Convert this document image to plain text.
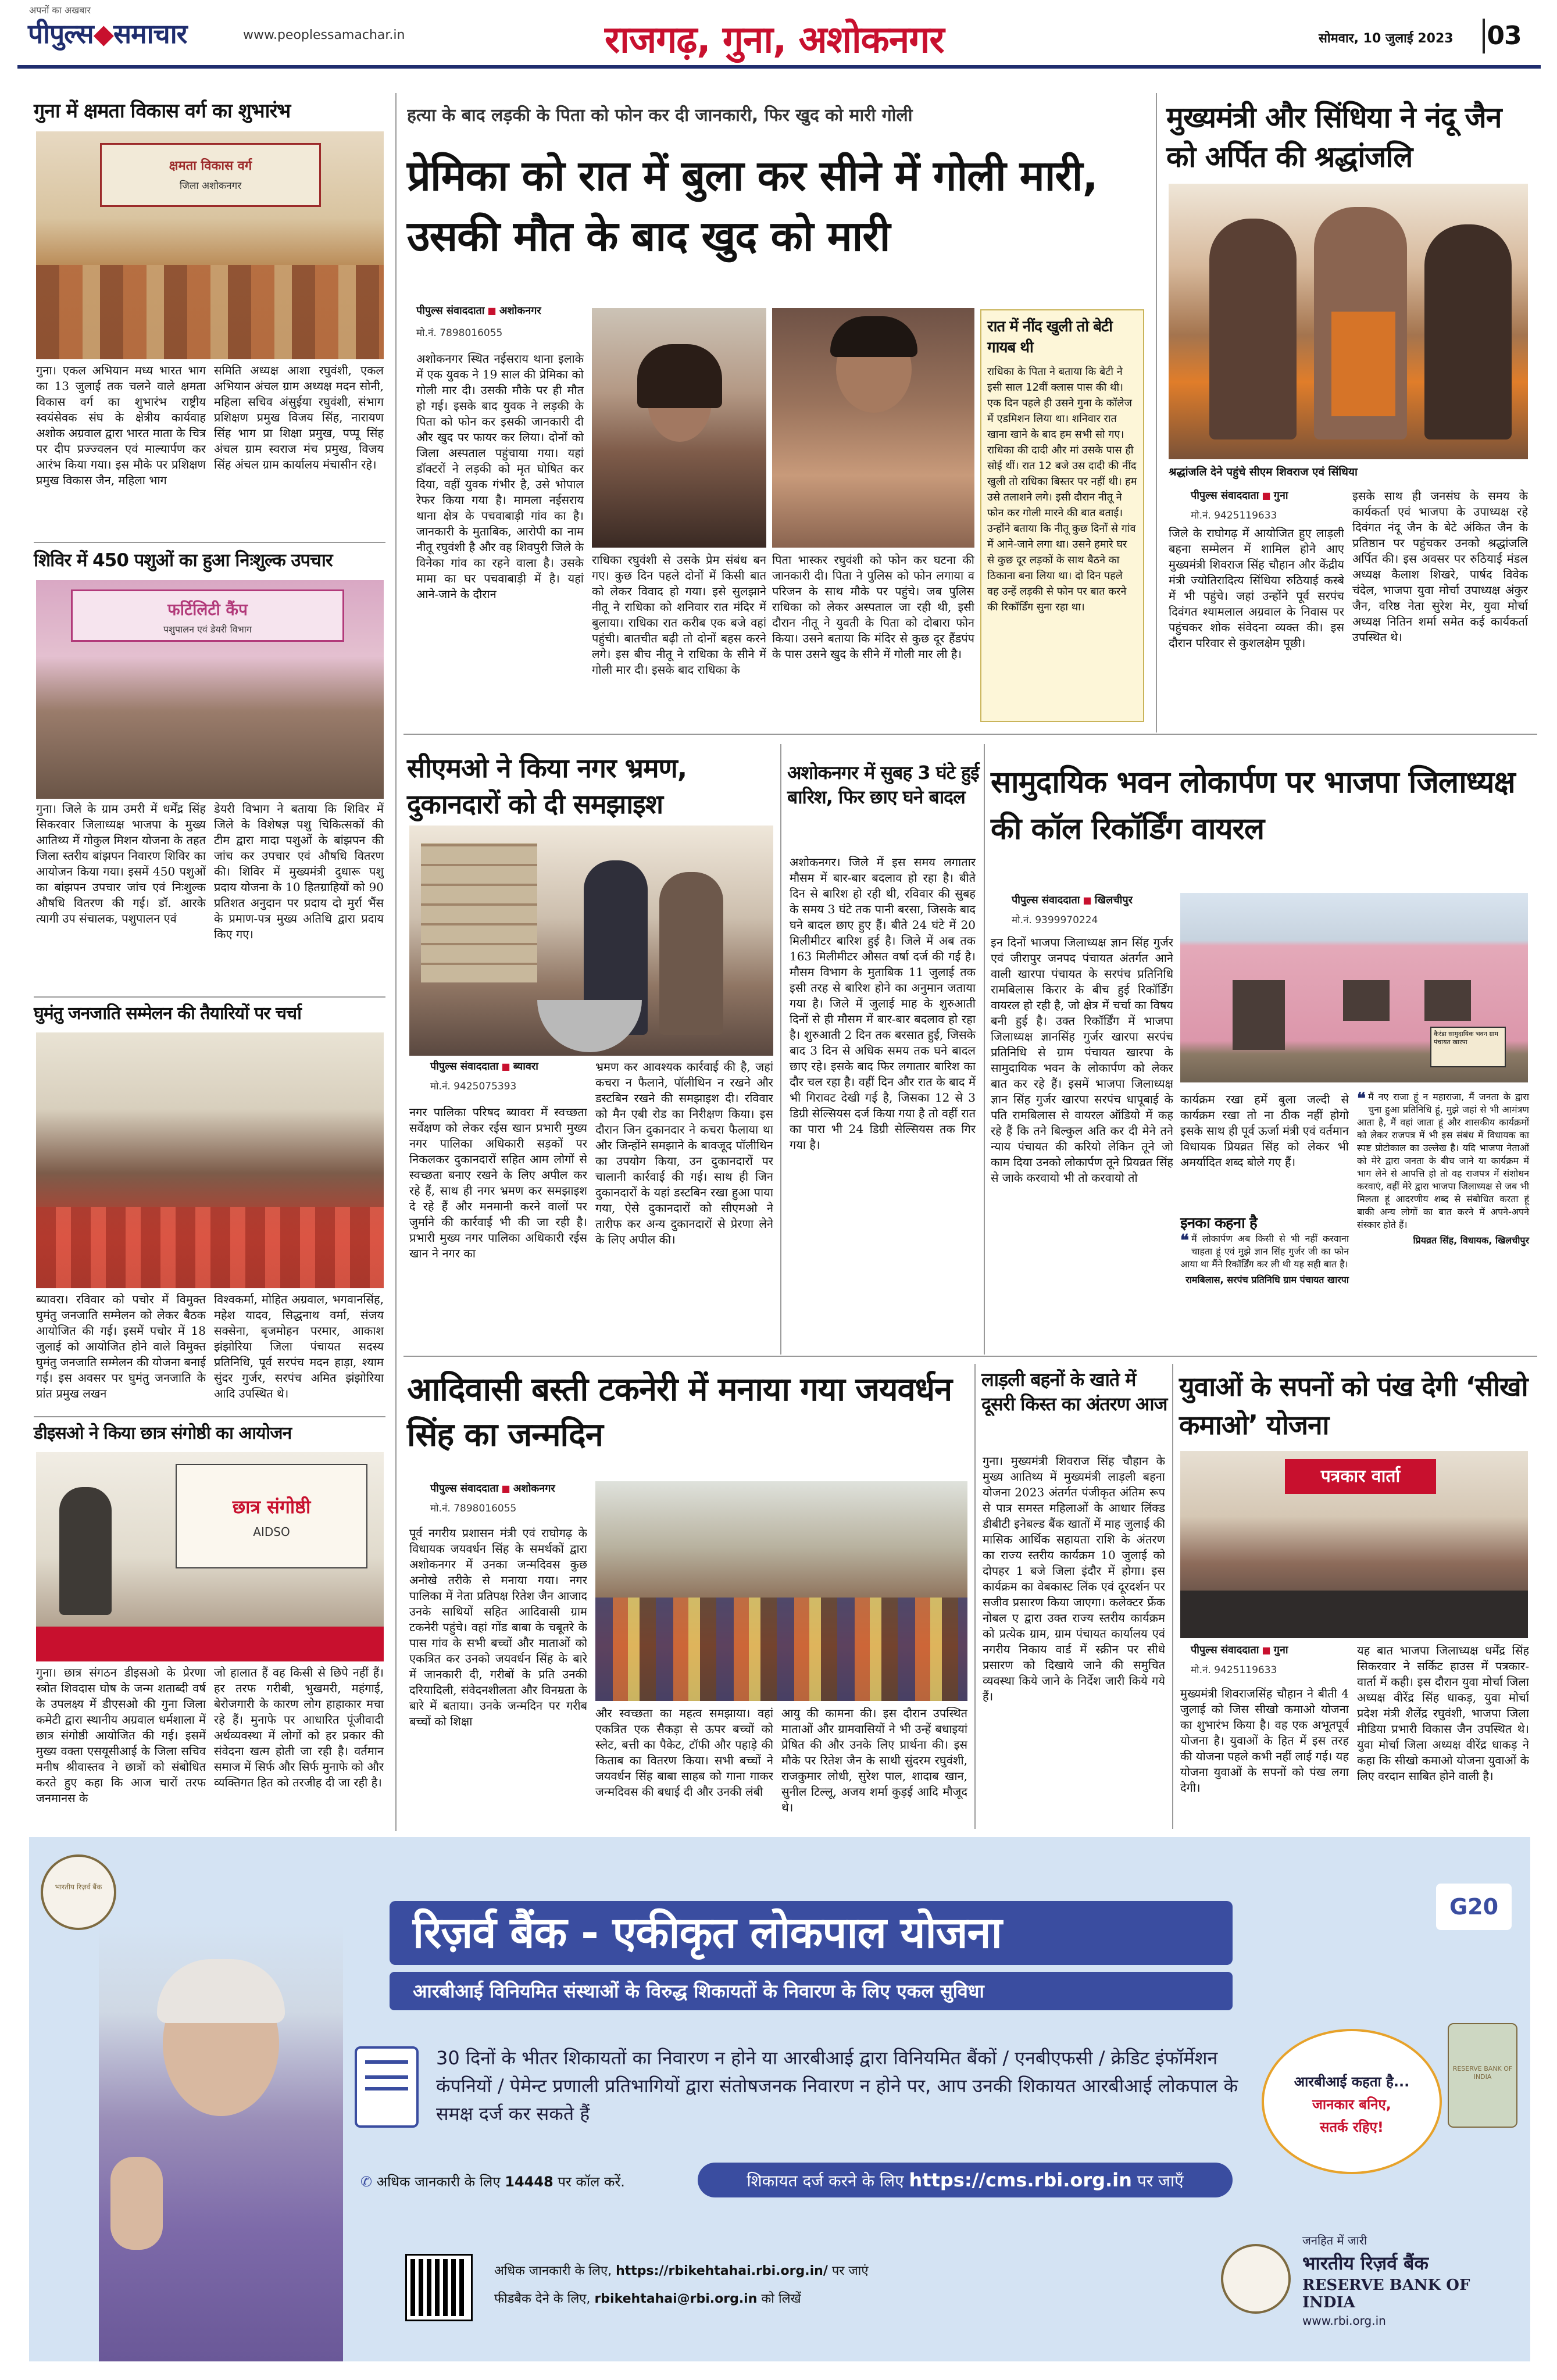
अपनों का अखबार
पीपुल्स◆समाचार	www.peoplessamachar.in	राजगढ़, गुना, अशोकनगर	सोमवार, 10 जुलाई 2023 03
गुना में क्षमता विकास वर्ग का शुभारंभ
क्षमता विकास वर्ग
जिला अशोकनगर
गुना। एकल अभियान मध्य भारत भाग का 13 जुलाई तक चलने वाले क्षमता विकास वर्ग का शुभारंभ राष्ट्रीय स्वयंसेवक संघ के क्षेत्रीय कार्यवाह अशोक अग्रवाल द्वारा भारत माता के चित्र पर दीप प्रज्ज्वलन एवं माल्यार्पण कर आरंभ किया गया। इस मौके पर प्रशिक्षण प्रमुख विकास जैन, महिला भाग
समिति अध्यक्ष आशा रघुवंशी, एकल अभियान अंचल ग्राम अध्यक्ष मदन सोनी, महिला सचिव अंसुईया रघुवंशी, संभाग प्रशिक्षण प्रमुख विजय सिंह, नारायण सिंह भाग प्रा शिक्षा प्रमुख, पप्पू सिंह अंचल ग्राम स्वराज मंच प्रमुख, विजय सिंह अंचल ग्राम कार्यालय मंचासीन रहे।
शिविर में 450 पशुओं का हुआ निःशुल्क उपचार
फर्टिलिटी कैंप
पशुपालन एवं डेयरी विभाग
गुना। जिले के ग्राम उमरी में धर्मेंद्र सिंह सिकरवार जिलाध्यक्ष भाजपा के मुख्य आतिथ्य में गोकुल मिशन योजना के तहत जिला स्तरीय बांझपन निवारण शिविर का आयोजन किया गया। इसमें 450 पशुओं का बांझपन उपचार जांच एवं निःशुल्क औषधि वितरण की गई। डॉ. आरके त्यागी उप संचालक, पशुपालन एवं
डेयरी विभाग ने बताया कि शिविर में जिले के विशेषज्ञ पशु चिकित्सकों की टीम द्वारा मादा पशुओं के बांझपन की जांच कर उपचार एवं औषधि वितरण की। शिविर में मुख्यमंत्री दुधारू पशु प्रदाय योजना के 10 हितग्राहियों को 90 प्रतिशत अनुदान पर प्रदाय दो मुर्रा भैंस के प्रमाण-पत्र मुख्य अतिथि द्वारा प्रदाय किए गए।
घुमंतु जनजाति सम्मेलन की तैयारियों पर चर्चा
ब्यावरा। रविवार को पचोर में विमुक्त घुमंतु जनजाति सम्मेलन को लेकर बैठक आयोजित की गई। इसमें पचोर में 18 जुलाई को आयोजित होने वाले विमुक्त घुमंतु जनजाति सम्मेलन की योजना बनाई गई। इस अवसर पर घुमंतु जनजाति के प्रांत प्रमुख लखन
विश्वकर्मा, मोहित अग्रवाल, भगवानसिंह, महेश यादव, सिद्धनाथ वर्मा, संजय सक्सेना, बृजमोहन परमार, आकाश झंझोरिया जिला पंचायत सदस्य प्रतिनिधि, पूर्व सरपंच मदन हाड़ा, श्याम सुंदर गुर्जर, सरपंच अमित झंझोरिया आदि उपस्थित थे।
डीइसओ ने किया छात्र संगोष्ठी का आयोजन
छात्र संगोष्ठी
AIDSO
गुना। छात्र संगठन डीइसओ के प्रेरणा स्त्रोत शिवदास घोष के जन्म शताब्दी वर्ष के उपलक्ष्य में डीएसओ की गुना जिला कमेटी द्वारा स्थानीय अग्रवाल धर्मशाला में छात्र संगोष्ठी आयोजित की गई। इसमें मुख्य वक्ता एसयूसीआई के जिला सचिव मनीष श्रीवास्तव ने छात्रों को संबोधित करते हुए कहा कि आज चारों तरफ जनमानस के
जो हालात हैं वह किसी से छिपे नहीं हैं। हर तरफ गरीबी, भुखमरी, महंगाई, बेरोजगारी के कारण लोग हाहाकार मचा रहे हैं। मुनाफे पर आधारित पूंजीवादी अर्थव्यवस्था में लोगों को हर प्रकार की संवेदना खत्म होती जा रही है। वर्तमान समाज में सिर्फ और सिर्फ मुनाफे को और व्यक्तिगत हित को तरजीह दी जा रही है।
हत्या के बाद लड़की के पिता को फोन कर दी जानकारी, फिर खुद को मारी गोली
प्रेमिका को रात में बुला कर सीने में गोली मारी, उसकी मौत के बाद खुद को मारी
पीपुल्स संवाददाता ■ अशोकनगर
मो.नं. 7898016055
अशोकनगर स्थित नईसराय थाना इलाके में एक युवक ने 19 साल की प्रेमिका को गोली मार दी। उसकी मौके पर ही मौत हो गई। इसके बाद युवक ने लड़की के पिता को फोन कर इसकी जानकारी दी और खुद पर फायर कर लिया। दोनों को जिला अस्पताल पहुंचाया गया। यहां डॉक्टरों ने लड़की को मृत घोषित कर दिया, वहीं युवक गंभीर है, उसे भोपाल रेफर किया गया है। मामला नईसराय थाना क्षेत्र के पचवाबाड़ी गांव का है। जानकारी के मुताबिक, आरोपी का नाम नीतू रघुवंशी है और वह शिवपुरी जिले के विनेका गांव का रहने वाला है। उसके मामा का घर पचवाबाड़ी में है। यहां आने-जाने के दौरान
राधिका रघुवंशी से उसके प्रेम संबंध बन गए। कुछ दिन पहले दोनों में किसी बात को लेकर विवाद हो गया। इसे सुलझाने नीतू ने राधिका को शनिवार रात मंदिर में बुलाया। राधिका रात करीब एक बजे वहां पहुंची। बातचीत बढ़ी तो दोनों बहस करने लगे। इस बीच नीतू ने राधिका के सीने में गोली मार दी। इसके बाद राधिका के
पिता भास्कर रघुवंशी को फोन कर घटना की जानकारी दी। पिता ने पुलिस को फोन लगाया व परिजन के साथ मौके पर पहुंचे। जब पुलिस राधिका को लेकर अस्पताल जा रही थी, इसी दौरान नीतू ने युवती के पिता को दोबारा फोन किया। उसने बताया कि मंदिर से कुछ दूर हैंडपंप के पास उसने खुद के सीने में गोली मार ली है।
रात में नींद खुली तो बेटी गायब थी
राधिका के पिता ने बताया कि बेटी ने इसी साल 12वीं क्लास पास की थी। एक दिन पहले ही उसने गुना के कॉलेज में एडमिशन लिया था। शनिवार रात खाना खाने के बाद हम सभी सो गए। राधिका की दादी और मां उसके पास ही सोई थीं। रात 12 बजे उस दादी की नींद खुली तो राधिका बिस्तर पर नहीं थी। हम उसे तलाशने लगे। इसी दौरान नीतू ने फोन कर गोली मारने की बात बताई। उन्होंने बताया कि नीतू कुछ दिनों से गांव में आने-जाने लगा था। उसने हमारे घर से कुछ दूर लड़कों के साथ बैठने का ठिकाना बना लिया था। दो दिन पहले वह उन्हें लड़की से फोन पर बात करने की रिकॉर्डिंग सुना रहा था।
मुख्यमंत्री और सिंधिया ने नंदू जैन को अर्पित की श्रद्धांजलि
श्रद्धांजलि देने पहुंचे सीएम शिवराज एवं सिंधिया
पीपुल्स संवाददाता ■ गुना
मो.नं. 9425119633
जिले के राघोगढ़ में आयोजित हुए लाड़ली बहना सम्मेलन में शामिल होने आए मुख्यमंत्री शिवराज सिंह चौहान और केंद्रीय मंत्री ज्योतिरादित्य सिंधिया रुठियाई कस्बे में भी पहुंचे। जहां उन्होंने पूर्व सरपंच दिवंगत श्यामलाल अग्रवाल के निवास पर पहुंचकर शोक संवेदना व्यक्त की। इस दौरान परिवार से कुशलक्षेम पूछी।
इसके साथ ही जनसंघ के समय के कार्यकर्ता एवं भाजपा के उपाध्यक्ष रहे दिवंगत नंदू जैन के बेटे अंकित जैन के प्रतिष्ठान पर पहुंचकर उनको श्रद्धांजलि अर्पित की। इस अवसर पर रुठियाई मंडल अध्यक्ष कैलाश शिखरे, पार्षद विवेक चंदेल, भाजपा युवा मोर्चा उपाध्यक्ष अंकुर जैन, वरिष्ठ नेता सुरेश मेर, युवा मोर्चा अध्यक्ष नितिन शर्मा समेत कई कार्यकर्ता उपस्थित थे।
सीएमओ ने किया नगर भ्रमण, दुकानदारों को दी समझाइश
पीपुल्स संवाददाता ■ ब्यावरा
मो.नं. 9425075393
नगर पालिका परिषद ब्यावरा में स्वच्छता सर्वेक्षण को लेकर रईस खान प्रभारी मुख्य नगर पालिका अधिकारी सड़कों पर निकलकर दुकानदारों सहित आम लोगों से स्वच्छता बनाए रखने के लिए अपील कर रहे हैं, साथ ही नगर भ्रमण कर समझाइश दे रहे हैं और मनमानी करने वालों पर जुर्माने की कार्रवाई भी की जा रही है। प्रभारी मुख्य नगर पालिका अधिकारी रईस खान ने नगर का
भ्रमण कर आवश्यक कार्रवाई की है, जहां कचरा न फैलाने, पॉलीथिन न रखने और डस्टबिन रखने की समझाइश दी। रविवार को मैन एबी रोड का निरीक्षण किया। इस दौरान जिन दुकानदार ने कचरा फैलाया था और जिन्होंने समझाने के बावजूद पॉलीथिन का उपयोग किया, उन दुकानदारों पर चालानी कार्रवाई की गई। साथ ही जिन दुकानदारों के यहां डस्टबिन रखा हुआ पाया गया, ऐसे दुकानदारों को सीएमओ ने तारीफ कर अन्य दुकानदारों से प्रेरणा लेने के लिए अपील की।
अशोकनगर में सुबह 3 घंटे हुई बारिश, फिर छाए घने बादल
अशोकनगर। जिले में इस समय लगातार मौसम में बार-बार बदलाव हो रहा है। बीते दिन से बारिश हो रही थी, रविवार की सुबह के समय 3 घंटे तक पानी बरसा, जिसके बाद घने बादल छाए हुए हैं। बीते 24 घंटे में 20 मिलीमीटर बारिश हुई है। जिले में अब तक 163 मिलीमीटर औसत वर्षा दर्ज की गई है। मौसम विभाग के मुताबिक 11 जुलाई तक इसी तरह से बारिश होने का अनुमान जताया गया है। जिले में जुलाई माह के शुरुआती दिनों से ही मौसम में बार-बार बदलाव हो रहा है। शुरुआती 2 दिन तक बरसात हुई, जिसके बाद 3 दिन से अधिक समय तक घने बादल छाए रहे। इसके बाद फिर लगातार बारिश का दौर चल रहा है। वहीं दिन और रात के बाद में भी गिरावट देखी गई है, जिसका 12 से 3 डिग्री सेल्सियस दर्ज किया गया है तो वहीं रात का पारा भी 24 डिग्री सेल्सियस तक गिर गया है।
सामुदायिक भवन लोकार्पण पर भाजपा जिलाध्यक्ष की कॉल रिकॉर्डिंग वायरल
पीपुल्स संवाददाता ■ खिलचीपुर
मो.नं. 9399970224
इन दिनों भाजपा जिलाध्यक्ष ज्ञान सिंह गुर्जर एवं जीरापुर जनपद पंचायत अंतर्गत आने वाली खारपा पंचायत के सरपंच प्रतिनिधि रामबिलास किरार के बीच हुई रिकॉर्डिंग वायरल हो रही है, जो क्षेत्र में चर्चा का विषय बनी हुई है। उक्त रिकॉर्डिंग में भाजपा जिलाध्यक्ष ज्ञानसिंह गुर्जर खारपा सरपंच प्रतिनिधि से ग्राम पंचायत खारपा के सामुदायिक भवन के लोकार्पण को लेकर बात कर रहे हैं। इसमें भाजपा जिलाध्यक्ष ज्ञान सिंह गुर्जर खारपा सरपंच धापूबाई के पति रामबिलास से वायरल ऑडियो में कह रहे हैं कि तने बिल्कुल अति कर दी मेने तने न्याय पंचायत की करियो लेकिन तूने जो काम दिया उनको लोकार्पण तूने प्रियव्रत सिंह से जाके करवायो भी तो करवायो तो
कैरंडा सामुदायिक भवन ग्राम पंचायत खारपा
कार्यक्रम रखा हमें बुला जल्दी से कार्यक्रम रखा तो ना ठीक नहीं होगो इसके साथ ही पूर्व ऊर्जा मंत्री एवं वर्तमान विधायक प्रियव्रत सिंह को लेकर भी अमर्यादित शब्द बोले गए हैं।
❝ मैं नए राजा हूं न महाराजा, मैं जनता के द्वारा चुना हुआ प्रतिनिधि हूं, मुझे जहां से भी आमंत्रण आता है, मैं वहां जाता हूं और शासकीय कार्यक्रमों को लेकर राजपत्र में भी इस संबंध में विधायक का स्पष्ट प्रोटोकाल का उल्लेख है। यदि भाजपा नेताओं को मेरे द्वारा जनता के बीच जाने या कार्यक्रम में भाग लेने से आपत्ति हो तो वह राजपत्र में संशोधन करवाएं, वहीं मेरे द्वारा भाजपा जिलाध्यक्ष से जब भी मिलता हूं आदरणीय शब्द से संबोधित करता हूं बाकी अन्य लोगों का बात करने में अपने-अपने संस्कार होते हैं।
प्रियव्रत सिंह, विधायक, खिलचीपुर
इनका कहना है
❝ मैं लोकार्पण अब किसी से भी नहीं करवाना चाहता हूं एवं मुझे ज्ञान सिंह गुर्जर जी का फोन आया था मैंने रिकॉर्डिंग कर ली थी यह सही बात है।
रामबिलास, सरपंच प्रतिनिधि ग्राम पंचायत खारपा
आदिवासी बस्ती टकनेरी में मनाया गया जयवर्धन सिंह का जन्मदिन
पीपुल्स संवाददाता ■ अशोकनगर
मो.नं. 7898016055
पूर्व नगरीय प्रशासन मंत्री एवं राघोगढ़ के विधायक जयवर्धन सिंह के समर्थकों द्वारा अशोकनगर में उनका जन्मदिवस कुछ अनोखे तरीके से मनाया गया। नगर पालिका में नेता प्रतिपक्ष रितेश जैन आजाद उनके साथियों सहित आदिवासी ग्राम टकनेरी पहुंचे। वहां गोंड बाबा के चबूतरे के पास गांव के सभी बच्चों और माताओं को एकत्रित कर उनको जयवर्धन सिंह के बारे में जानकारी दी, गरीबों के प्रति उनकी दरियादिली, संवेदनशीलता और विनम्रता के बारे में बताया। उनके जन्मदिन पर गरीब बच्चों को शिक्षा
और स्वच्छता का महत्व समझाया। वहां एकत्रित एक सैकड़ा से ऊपर बच्चों को स्लेट, बत्ती का पैकेट, टॉफी और पहाड़े की किताब का वितरण किया। सभी बच्चों ने जयवर्धन सिंह बाबा साहब को गाना गाकर जन्मदिवस की बधाई दी और उनकी लंबी
आयु की कामना की। इस दौरान उपस्थित माताओं और ग्रामवासियों ने भी उन्हें बधाइयां प्रेषित की और उनके लिए प्रार्थना की। इस मौके पर रितेश जैन के साथी सुंदरम रघुवंशी, राजकुमार लोधी, सुरेश पाल, शादाब खान, सुनील टिल्लू, अजय शर्मा कुड़ई आदि मौजूद थे।
लाड़ली बहनों के खाते में दूसरी किस्त का अंतरण आज
गुना। मुख्यमंत्री शिवराज सिंह चौहान के मुख्य आतिथ्य में मुख्यमंत्री लाड़ली बहना योजना 2023 अंतर्गत पंजीकृत अंतिम रूप से पात्र समस्त महिलाओं के आधार लिंक्ड डीबीटी इनेबल्ड बैंक खातों में माह जुलाई की मासिक आर्थिक सहायता राशि के अंतरण का राज्य स्तरीय कार्यक्रम 10 जुलाई को दोपहर 1 बजे जिला इंदौर में होगा। इस कार्यक्रम का वेबकास्ट लिंक एवं दूरदर्शन पर सजीव प्रसारण किया जाएगा। कलेक्टर फ्रेंक नोबल ए द्वारा उक्त राज्य स्तरीय कार्यक्रम को प्रत्येक ग्राम, ग्राम पंचायत कार्यालय एवं नगरीय निकाय वार्ड में स्क्रीन पर सीधे प्रसारण को दिखाये जाने की समुचित व्यवस्था किये जाने के निर्देश जारी किये गये हैं।
युवाओं के सपनों को पंख देगी ‘सीखो कमाओ’ योजना
पत्रकार वार्ता
पीपुल्स संवाददाता ■ गुना
मो.नं. 9425119633
मुख्यमंत्री शिवराजसिंह चौहान ने बीती 4 जुलाई को जिस सीखो कमाओ योजना का शुभारंभ किया है। वह एक अभूतपूर्व योजना है। युवाओं के हित में इस तरह की योजना पहले कभी नहीं लाई गई। यह योजना युवाओं के सपनों को पंख लगा देगी।
यह बात भाजपा जिलाध्यक्ष धर्मेंद्र सिंह सिकरवार ने सर्किट हाउस में पत्रकार-वार्ता में कही। इस दौरान युवा मोर्चा जिला अध्यक्ष वीरेंद्र सिंह धाकड़, युवा मोर्चा प्रदेश मंत्री शैलेंद्र रघुवंशी, भाजपा जिला मीडिया प्रभारी विकास जैन उपस्थित थे। युवा मोर्चा जिला अध्यक्ष वीरेंद्र धाकड़ ने कहा कि सीखो कमाओ योजना युवाओं के लिए वरदान साबित होने वाली है।
भारतीय रिज़र्व बैंक
रिज़र्व बैंक - एकीकृत लोकपाल योजना
आरबीआई विनियमित संस्थाओं के विरुद्ध शिकायतों के निवारण के लिए एकल सुविधा
G20
30 दिनों के भीतर शिकायतों का निवारण न होने या आरबीआई द्वारा विनियमित बैंकों / एनबीएफसी / क्रेडिट इंफॉर्मेशन कंपनियों / पेमेन्ट प्रणाली प्रतिभागियों द्वारा संतोषजनक निवारण न होने पर, आप उनकी शिकायत आरबीआई लोकपाल के समक्ष दर्ज कर सकते हैं
आरबीआई कहता है...
जानकार बनिए,
सतर्क रहिए!
RESERVE BANK OF INDIA
✆ अधिक जानकारी के लिए 14448 पर कॉल करें.	शिकायत दर्ज करने के लिए https://cms.rbi.org.in पर जाएँ
अधिक जानकारी के लिए, https://rbikehtahai.rbi.org.in/ पर जाएं
फीडबैक देने के लिए, rbikehtahai@rbi.org.in को लिखें
जनहित में जारी
भारतीय रिज़र्व बैंक
RESERVE BANK OF INDIA
www.rbi.org.in
